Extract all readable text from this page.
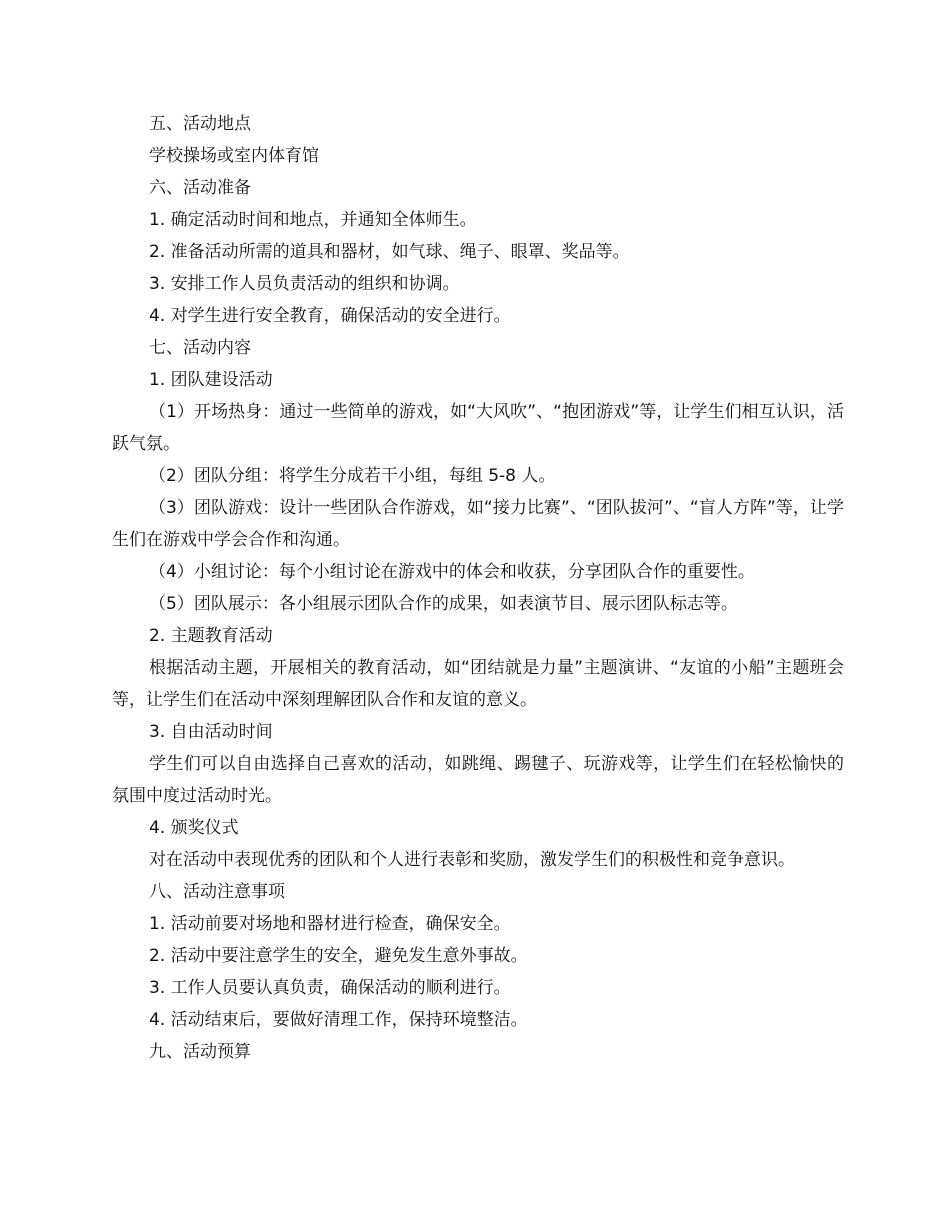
五、活动地点

学校操场或室内体育馆

六、活动准备

1. 确定活动时间和地点，并通知全体师生。

2. 准备活动所需的道具和器材，如气球、绳子、眼罩、奖品等。

3. 安排工作人员负责活动的组织和协调。

4. 对学生进行安全教育，确保活动的安全进行。

七、活动内容

1. 团队建设活动

（1）开场热身：通过一些简单的游戏，如“大风吹”、“抱团游戏”等，让学生们相互认识，活跃气氛。

（2）团队分组：将学生分成若干小组，每组 5-8 人。

（3）团队游戏：设计一些团队合作游戏，如“接力比赛”、“团队拔河”、“盲人方阵”等，让学生们在游戏中学会合作和沟通。

（4）小组讨论：每个小组讨论在游戏中的体会和收获，分享团队合作的重要性。

（5）团队展示：各小组展示团队合作的成果，如表演节目、展示团队标志等。

2. 主题教育活动

根据活动主题，开展相关的教育活动，如“团结就是力量”主题演讲、“友谊的小船”主题班会等，让学生们在活动中深刻理解团队合作和友谊的意义。

3. 自由活动时间

学生们可以自由选择自己喜欢的活动，如跳绳、踢毽子、玩游戏等，让学生们在轻松愉快的氛围中度过活动时光。

4. 颁奖仪式

对在活动中表现优秀的团队和个人进行表彰和奖励，激发学生们的积极性和竞争意识。

八、活动注意事项

1. 活动前要对场地和器材进行检查，确保安全。

2. 活动中要注意学生的安全，避免发生意外事故。

3. 工作人员要认真负责，确保活动的顺利进行。

4. 活动结束后，要做好清理工作，保持环境整洁。

九、活动预算
